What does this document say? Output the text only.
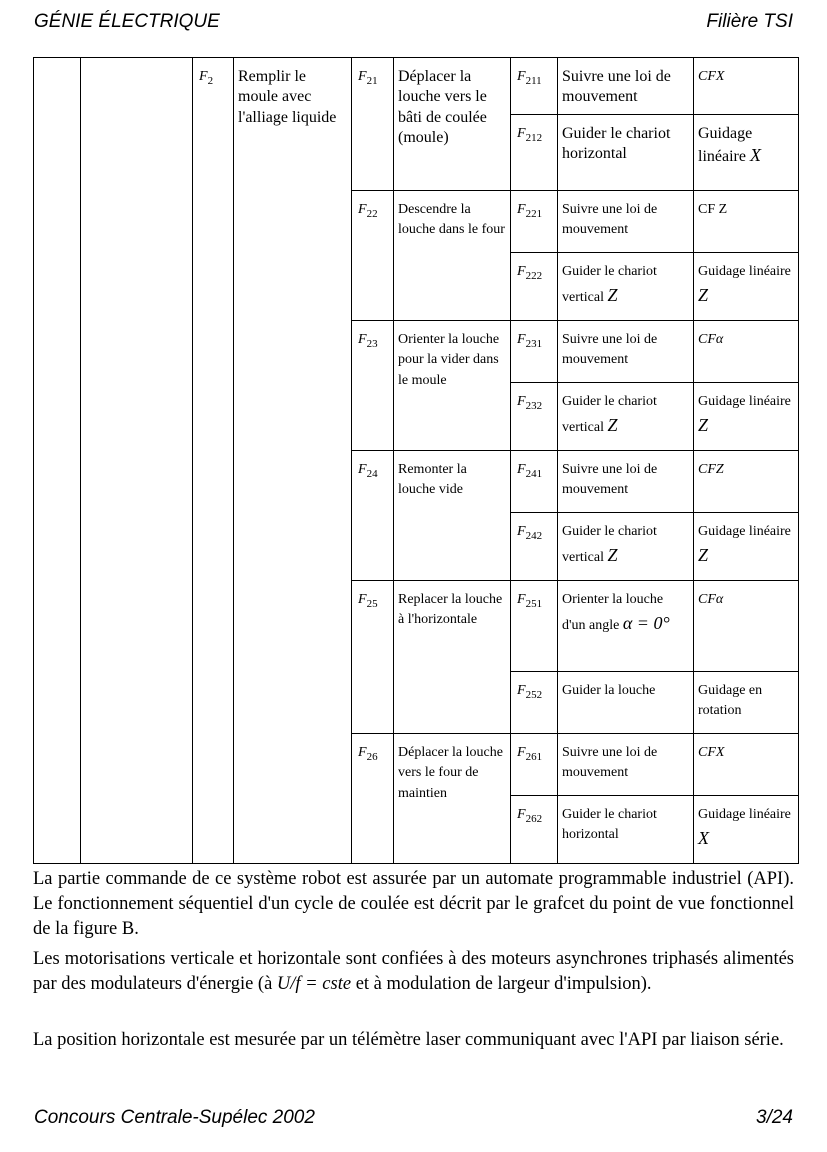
GÉNIE ÉLECTRIQUE	Filière TSI
		$F_2$	Remplir le moule avec l'alliage liquide	$F_{21}$	Déplacer la louche vers le bâti de coulée (moule)	$F_{211}$	Suivre une loi de mouvement	CFX
						$F_{212}$	Guider le chariot horizontal	Guidage linéaire X
				$F_{22}$	Descendre la louche dans le four	$F_{221}$	Suivre une loi de mouvement	CF Z
						$F_{222}$	Guider le chariot vertical Z	Guidage linéaire Z
				$F_{23}$	Orienter la louche pour la vider dans le moule	$F_{231}$	Suivre une loi de mouvement	CFα
						$F_{232}$	Guider le chariot vertical Z	Guidage linéaire Z
				$F_{24}$	Remonter la louche vide	$F_{241}$	Suivre une loi de mouvement	CFZ
						$F_{242}$	Guider le chariot vertical Z	Guidage linéaire Z
				$F_{25}$	Replacer la louche à l'horizontale	$F_{251}$	Orienter la louche d'un angle α = 0°	CFα
						$F_{252}$	Guider la louche	Guidage en rotation
				$F_{26}$	Déplacer la louche vers le four de maintien	$F_{261}$	Suivre une loi de mouvement	CFX
						$F_{262}$	Guider le chariot horizontal	Guidage linéaire X

La partie commande de ce système robot est assurée par un automate programmable industriel (API). Le fonctionnement séquentiel d'un cycle de coulée est décrit par le grafcet du point de vue fonctionnel de la figure B.

Les motorisations verticale et horizontale sont confiées à des moteurs asynchrones triphasés alimentés par des modulateurs d'énergie (à U/f = cste et à modulation de largeur d'impulsion).

La position horizontale est mesurée par un télémètre laser communiquant avec l'API par liaison série.

Concours Centrale-Supélec 2002	3/24
